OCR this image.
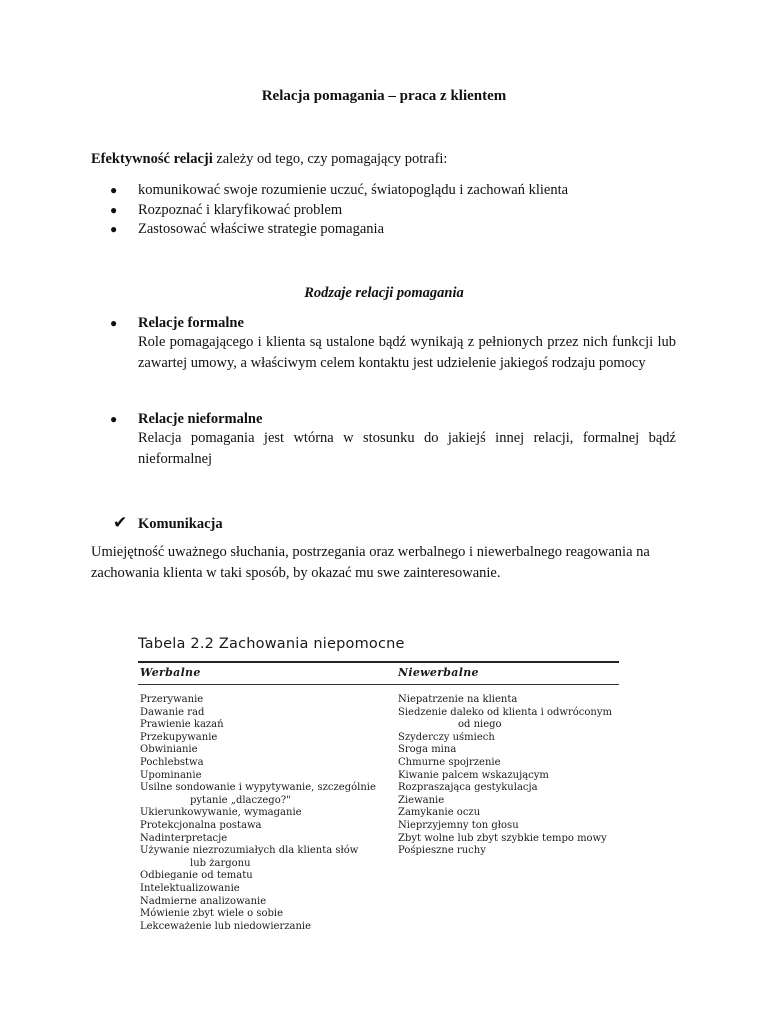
Relacja pomagania – praca z klientem
Efektywność relacji zależy od tego, czy pomagający potrafi:
● komunikować swoje rozumienie uczuć, światopoglądu i zachowań klienta
● Rozpoznać i klaryfikować problem
● Zastosować właściwe strategie pomagania
Rodzaje relacji pomagania
● Relacje formalne
Role pomagającego i klienta są ustalone bądź wynikają z pełnionych przez nich funkcji lub zawartej umowy, a właściwym celem kontaktu jest udzielenie jakiegoś rodzaju pomocy
● Relacje nieformalne
Relacja pomagania jest wtórna w stosunku do jakiejś innej relacji, formalnej bądź nieformalnej
✔ Komunikacja
Umiejętność uważnego słuchania, postrzegania oraz werbalnego i niewerbalnego reagowania na zachowania klienta w taki sposób, by okazać mu swe zainteresowanie.
Tabela 2.2 Zachowania niepomocne
Werbalne	Niewerbalne
Przerywanie
Dawanie rad
Prawienie kazań
Przekupywanie
Obwinianie
Pochlebstwa
Upominanie
Usilne sondowanie i wypytywanie, szczególnie
pytanie „dlaczego?"
Ukierunkowywanie, wymaganie
Protekcjonalna postawa
Nadinterpretacje
Używanie niezrozumiałych dla klienta słów
lub żargonu
Odbieganie od tematu
Intelektualizowanie
Nadmierne analizowanie
Mówienie zbyt wiele o sobie
Lekceważenie lub niedowierzanie
Niepatrzenie na klienta
Siedzenie daleko od klienta i odwróconym
od niego
Szyderczy uśmiech
Sroga mina
Chmurne spojrzenie
Kiwanie palcem wskazującym
Rozpraszająca gestykulacja
Ziewanie
Zamykanie oczu
Nieprzyjemny ton głosu
Zbyt wolne lub zbyt szybkie tempo mowy
Pośpieszne ruchy
